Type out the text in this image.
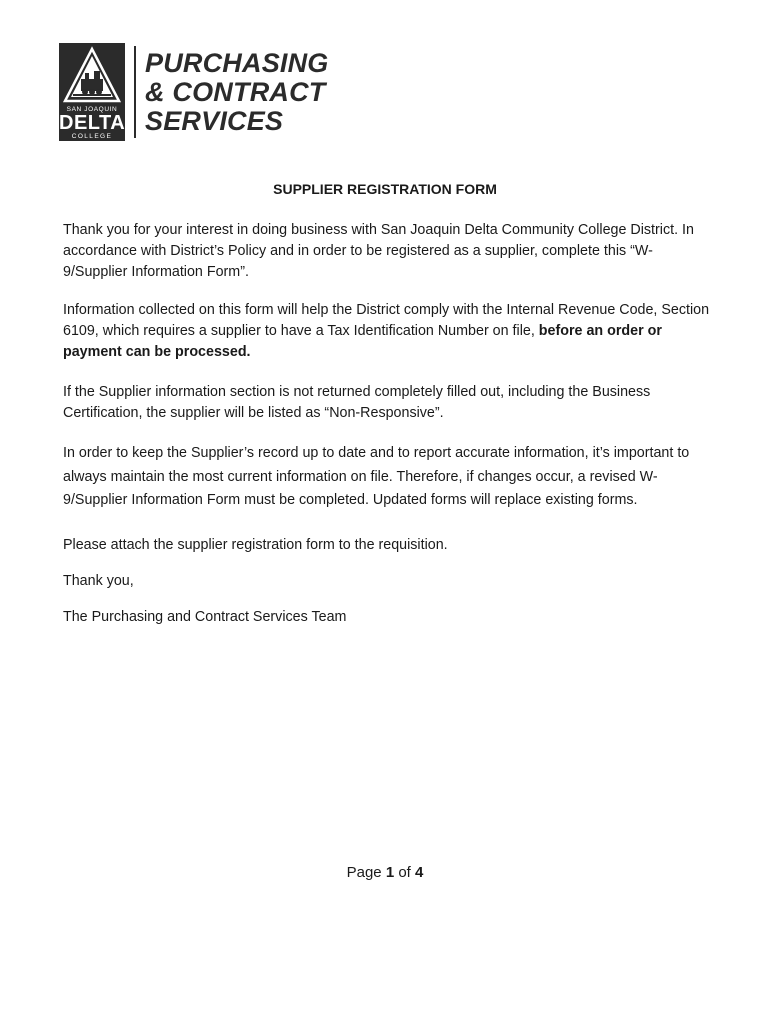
SAN JOAQUIN
DELTA
COLLEGE
PURCHASING
& CONTRACT
SERVICES
SUPPLIER REGISTRATION FORM
Thank you for your interest in doing business with San Joaquin Delta Community College District. In accordance with District’s Policy and in order to be registered as a supplier, complete this “W-9/Supplier Information Form”.
Information collected on this form will help the District comply with the Internal Revenue Code, Section 6109, which requires a supplier to have a Tax Identification Number on file, before an order or payment can be processed.
If the Supplier information section is not returned completely filled out, including the Business Certification, the supplier will be listed as “Non-Responsive”.
In order to keep the Supplier’s record up to date and to report accurate information, it’s important to always maintain the most current information on file. Therefore, if changes occur, a revised W-9/Supplier Information Form must be completed. Updated forms will replace existing forms.
Please attach the supplier registration form to the requisition.
Thank you,
The Purchasing and Contract Services Team
Page 1 of 4
